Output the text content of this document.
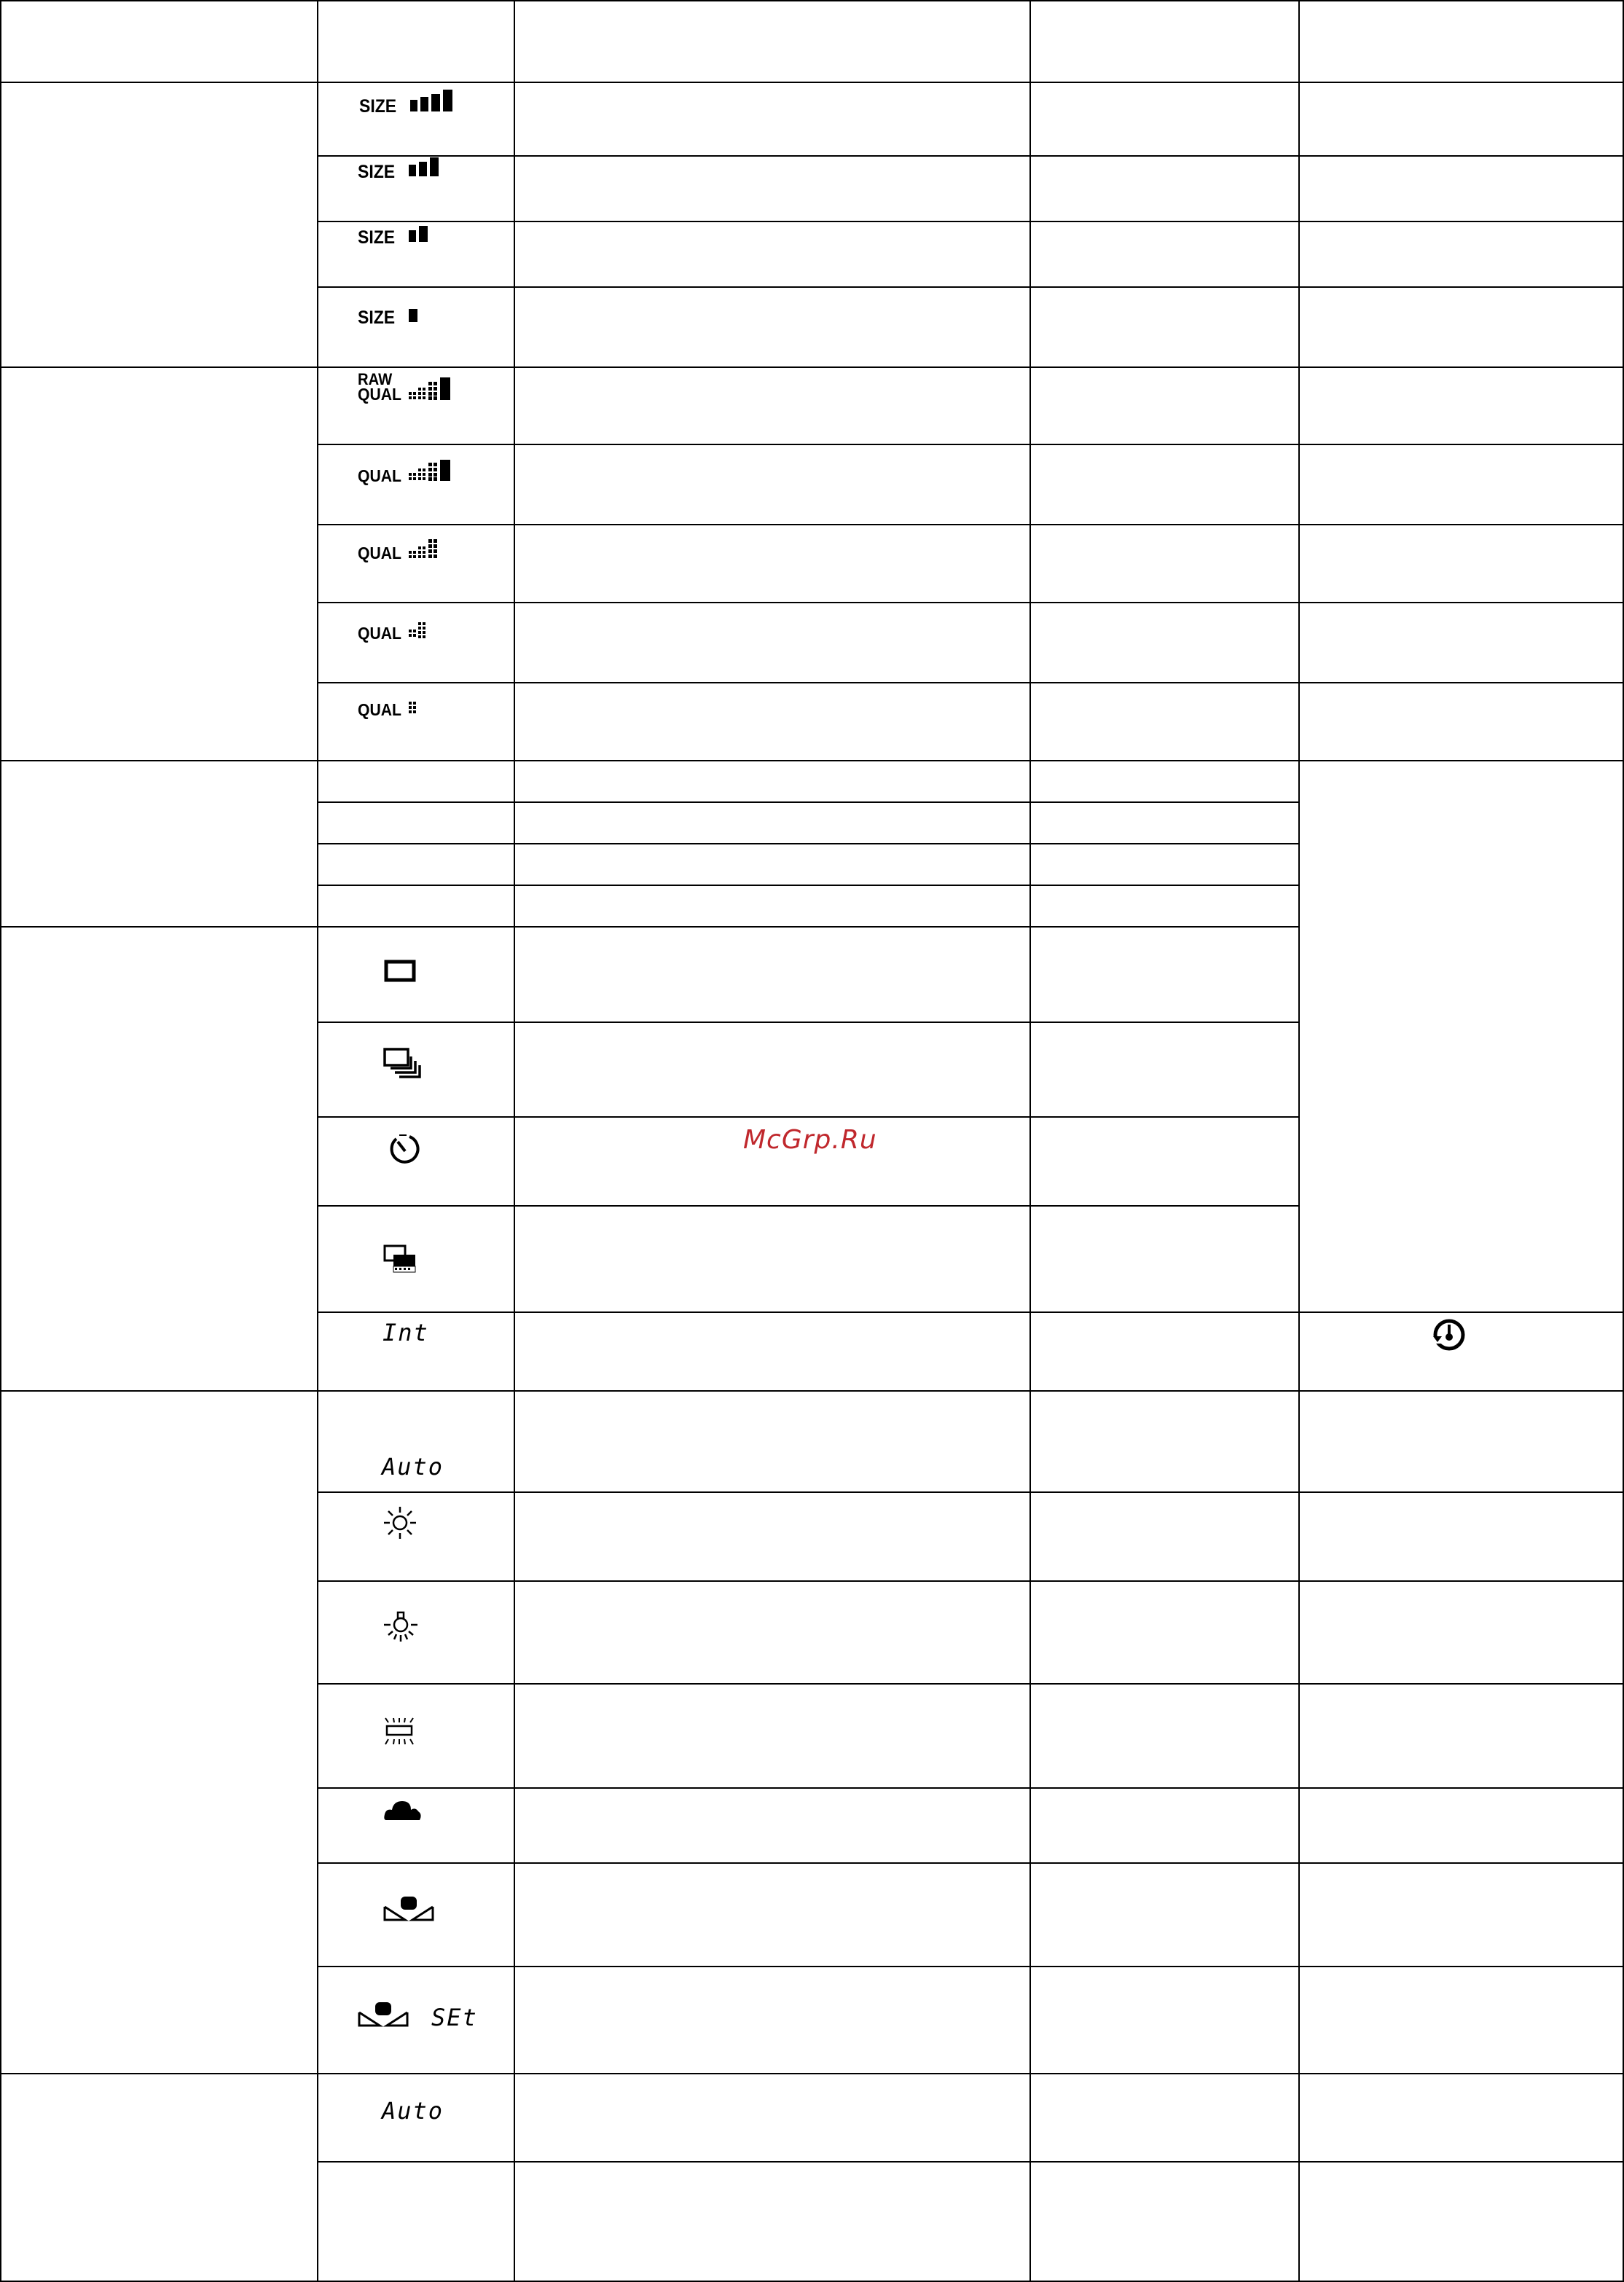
SIZE
SIZE
SIZE
SIZE
RAW
QUAL
QUAL
QUAL
QUAL
QUAL
Int
Auto
SEt
Auto
McGrp.Ru
